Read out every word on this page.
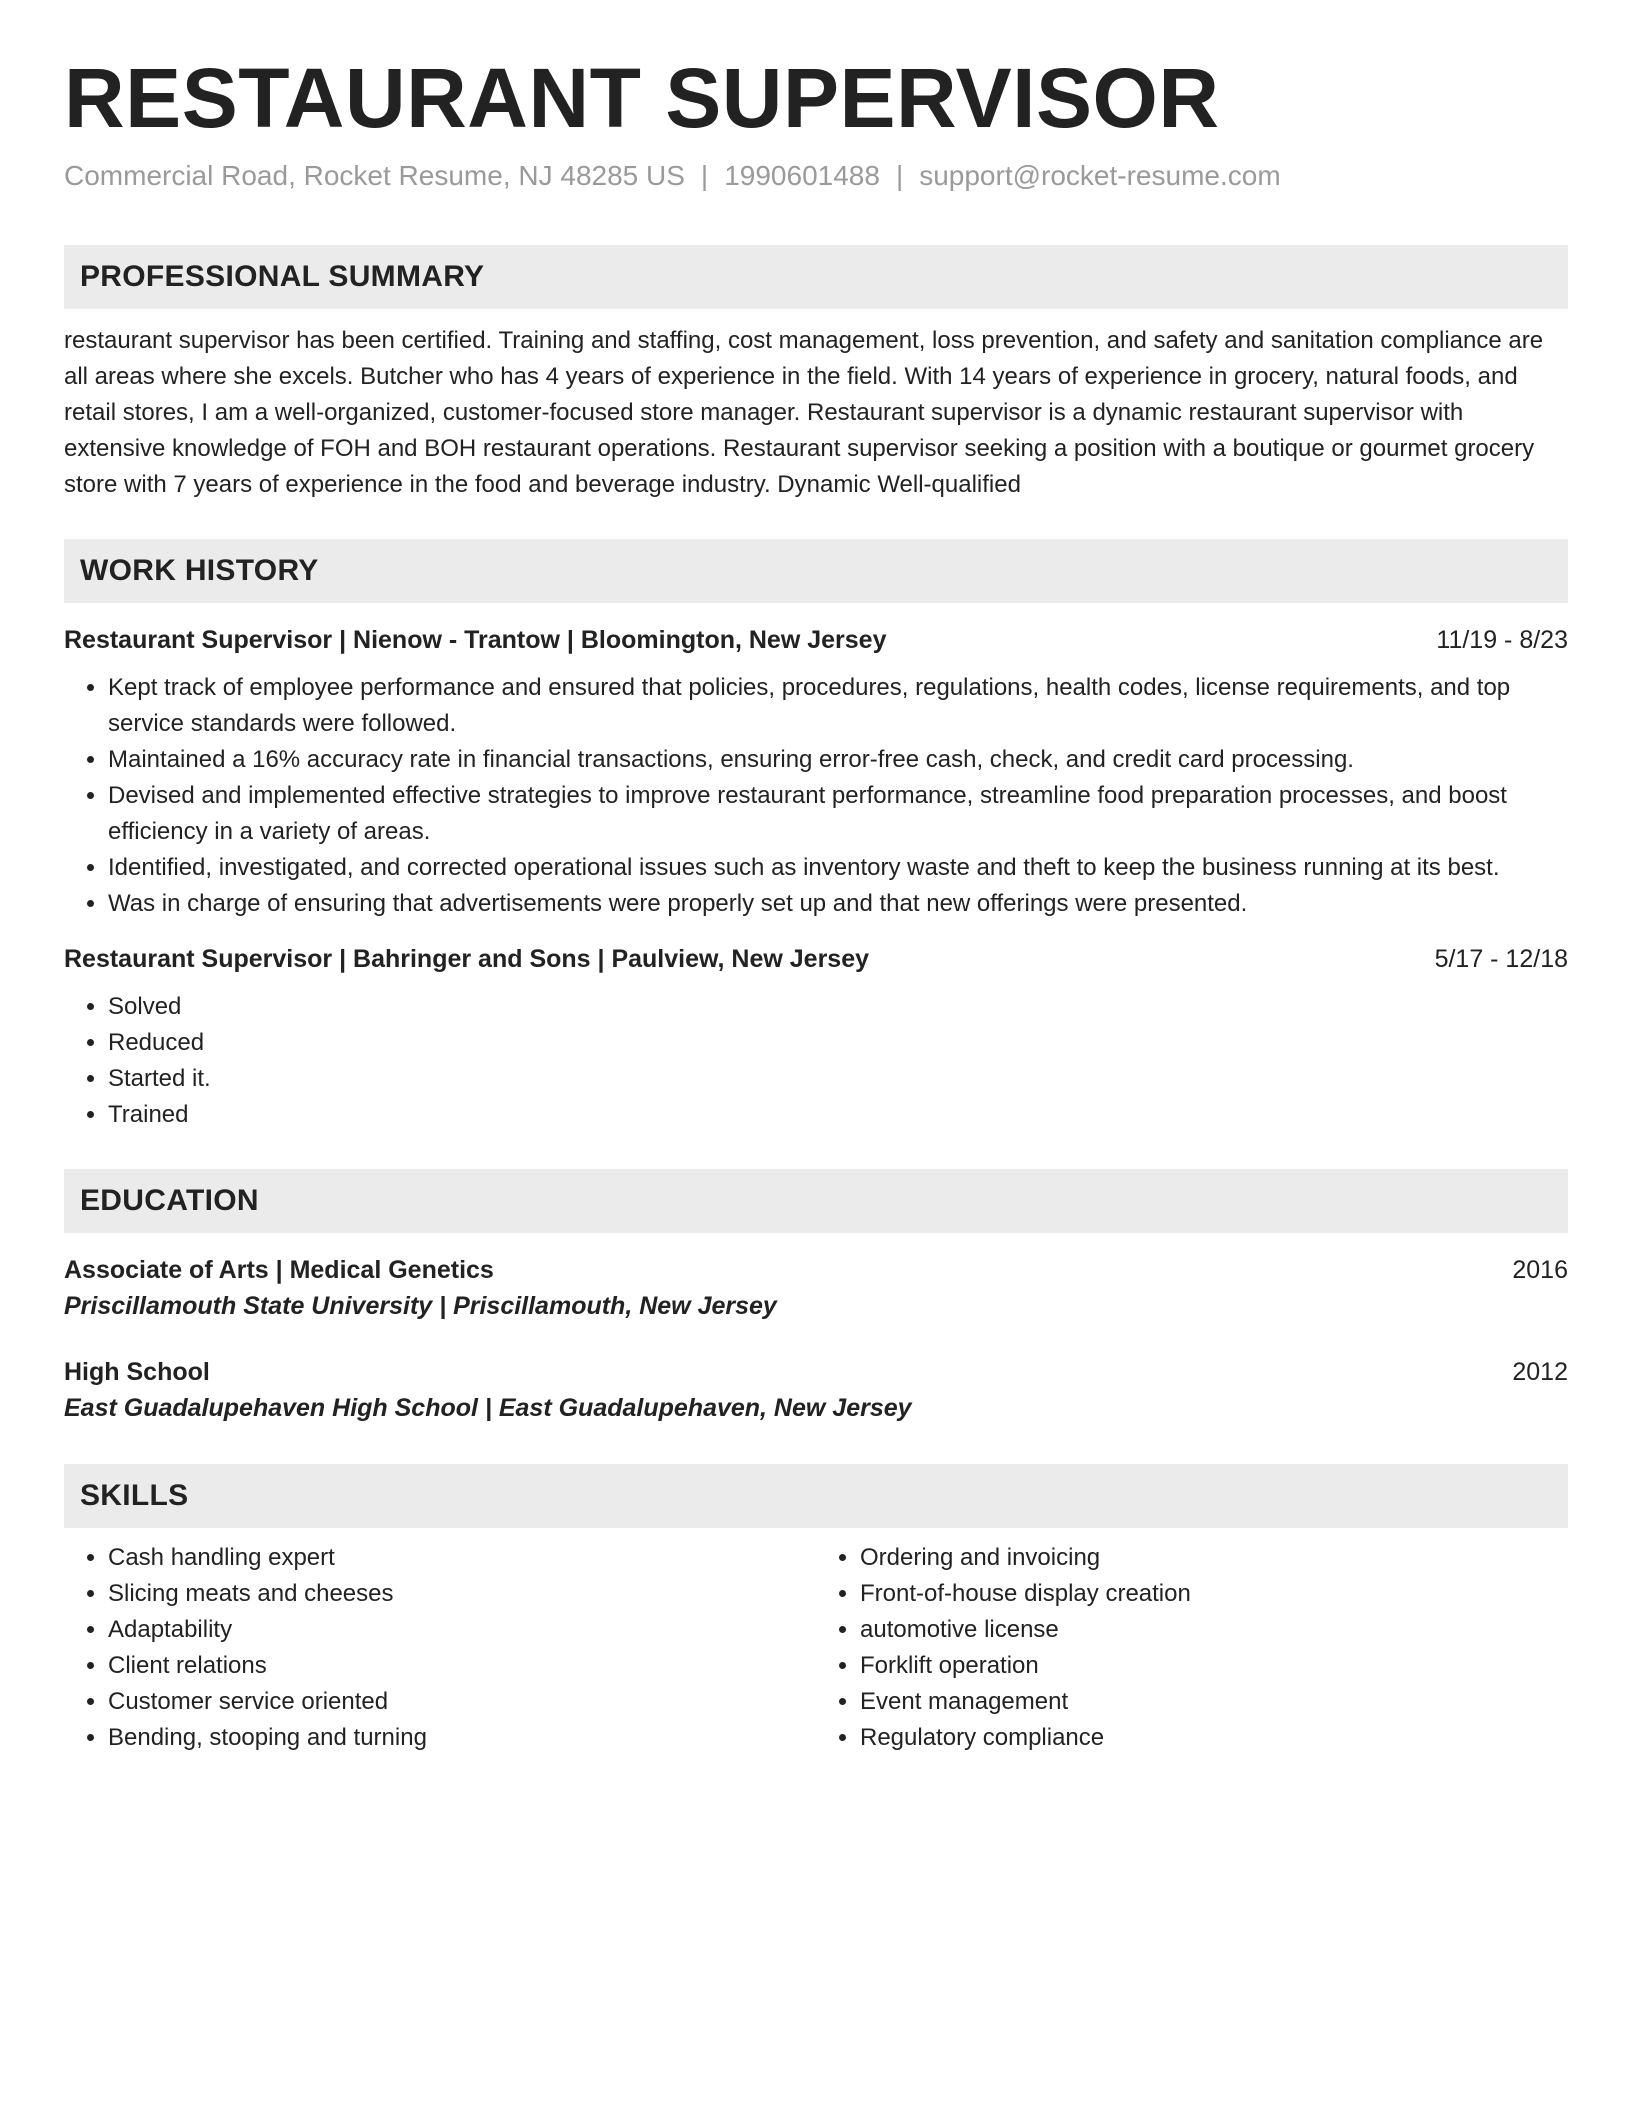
RESTAURANT SUPERVISOR
Commercial Road, Rocket Resume, NJ 48285 US | 1990601488 | support@rocket-resume.com
PROFESSIONAL SUMMARY
restaurant supervisor has been certified. Training and staffing, cost management, loss prevention, and safety and sanitation compliance are all areas where she excels. Butcher who has 4 years of experience in the field. With 14 years of experience in grocery, natural foods, and retail stores, I am a well-organized, customer-focused store manager. Restaurant supervisor is a dynamic restaurant supervisor with extensive knowledge of FOH and BOH restaurant operations. Restaurant supervisor seeking a position with a boutique or gourmet grocery store with 7 years of experience in the food and beverage industry. Dynamic Well-qualified
WORK HISTORY
Restaurant Supervisor | Nienow - Trantow | Bloomington, New Jersey	11/19 - 8/23
• Kept track of employee performance and ensured that policies, procedures, regulations, health codes, license requirements, and top service standards were followed.
• Maintained a 16% accuracy rate in financial transactions, ensuring error-free cash, check, and credit card processing.
• Devised and implemented effective strategies to improve restaurant performance, streamline food preparation processes, and boost efficiency in a variety of areas.
• Identified, investigated, and corrected operational issues such as inventory waste and theft to keep the business running at its best.
• Was in charge of ensuring that advertisements were properly set up and that new offerings were presented.
Restaurant Supervisor | Bahringer and Sons | Paulview, New Jersey	5/17 - 12/18
• Solved
• Reduced
• Started it.
• Trained
EDUCATION
Associate of Arts | Medical Genetics	2016
Priscillamouth State University | Priscillamouth, New Jersey
High School	2012
East Guadalupehaven High School | East Guadalupehaven, New Jersey
SKILLS
• Cash handling expert
• Slicing meats and cheeses
• Adaptability
• Client relations
• Customer service oriented
• Bending, stooping and turning
• Ordering and invoicing
• Front-of-house display creation
• automotive license
• Forklift operation
• Event management
• Regulatory compliance
